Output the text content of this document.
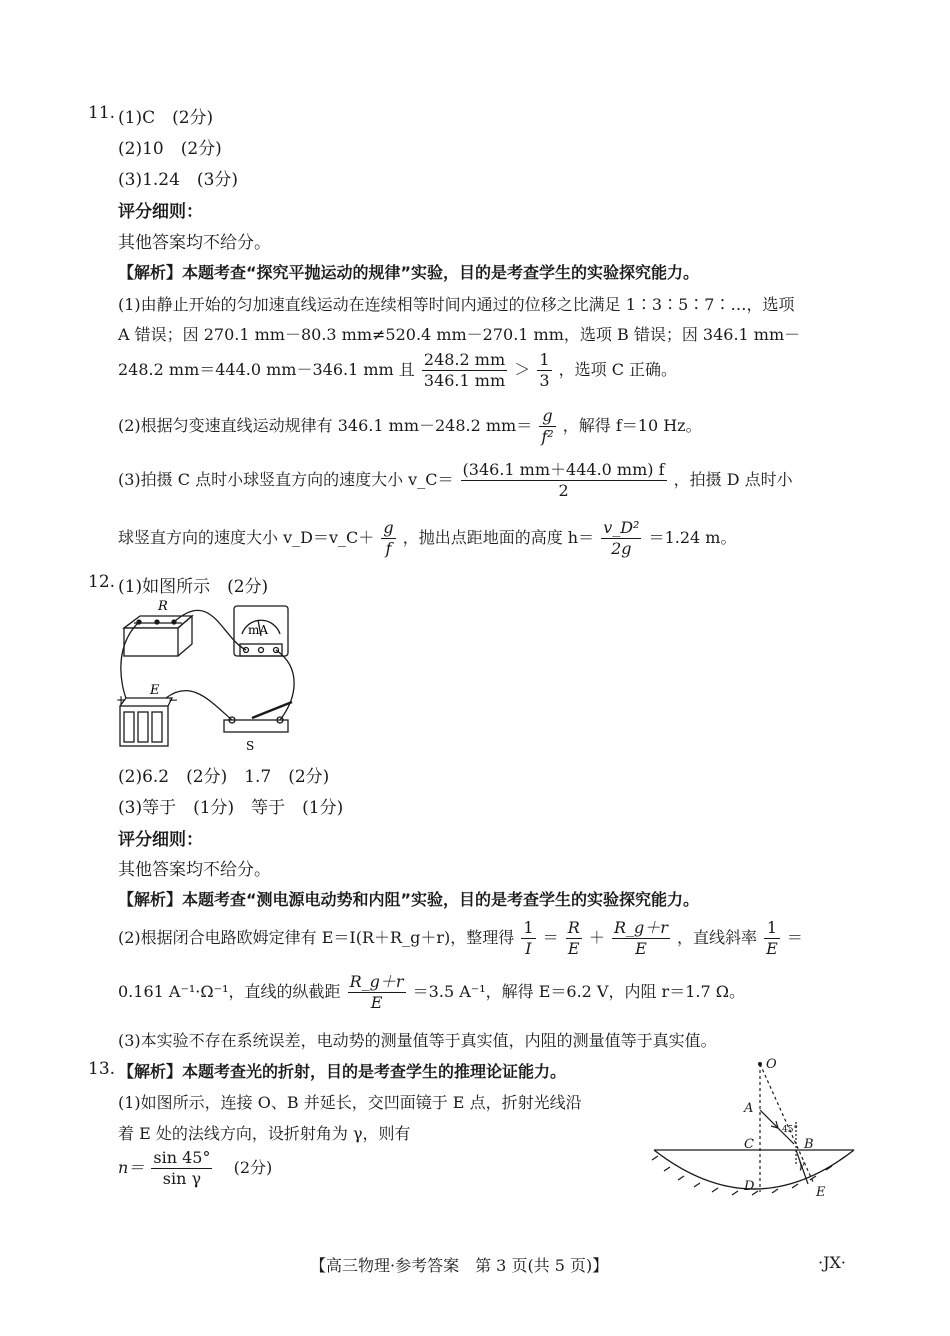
11. (1)C　(2分)
(2)10　(2分)
(3)1.24　(3分)
评分细则：
其他答案均不给分。
【解析】本题考查“探究平抛运动的规律”实验，目的是考查学生的实验探究能力。
(1)由静止开始的匀加速直线运动在连续相等时间内通过的位移之比满足 1∶3∶5∶7∶…，选项
A 错误；因 270.1 mm－80.3 mm≠520.4 mm－270.1 mm，选项 B 错误；因 346.1 mm－
248.2 mm＝444.0 mm－346.1 mm 且 $\frac{248.2 mm}{346.1 mm} > \frac{1}{3}$ ，选项 C 正确。
(2)根据匀变速直线运动规律有 346.1 mm－248.2 $mm= \frac{g}{\text{f²}}$ ，解得 f＝10 Hz。
(3)拍摄 C 点时小球竖直方向的速度大小 v_C＝ $\frac{(346.1 mm+444.0 mm) f}{2}$ ，拍摄 D 点时小
球竖直方向的速度大小 v_D＝v_C＋ $\frac{g}{f}$ ，抛出点距地面的高度 $h= \frac{\text{v\_D²}}{2g} =1.24$ m。
12. (1)如图所示　(2分)
R
mA
E
+	−
S
(2)6.2　(2分)　1.7　(2分)
(3)等于　(1分)　等于　(1分)
评分细则：
其他答案均不给分。
【解析】本题考查“测电源电动势和内阻”实验，目的是考查学生的实验探究能力。
(2)根据闭合电路欧姆定律有 E＝I(R＋R_g＋r)，整理得 $\frac{1}{I} = \frac{R}{E} + \frac{R\_g+r}{E}$ ，直线斜率 $\frac{1}{E}$ ＝
0.161 A⁻¹·Ω⁻¹，直线的纵截距 $\frac{R\_g+r}{E} =3.5$ A⁻¹，解得 E＝6.2 V，内阻 r＝1.7 Ω。
(3)本实验不存在系统误差，电动势的测量值等于真实值，内阻的测量值等于真实值。
13. 【解析】本题考查光的折射，目的是考查学生的推理论证能力。
(1)如图所示，连接 O、B 并延长，交凹面镜于 E 点，折射光线沿
着 E 处的法线方向，设折射角为 γ，则有
$n= \frac{\sin 45^\circ}{\text{sin γ}} (2$分)
O
A
C	B
D	E
γ
45°
【高三物理·参考答案　第 3 页(共 5 页)】	·JX·
